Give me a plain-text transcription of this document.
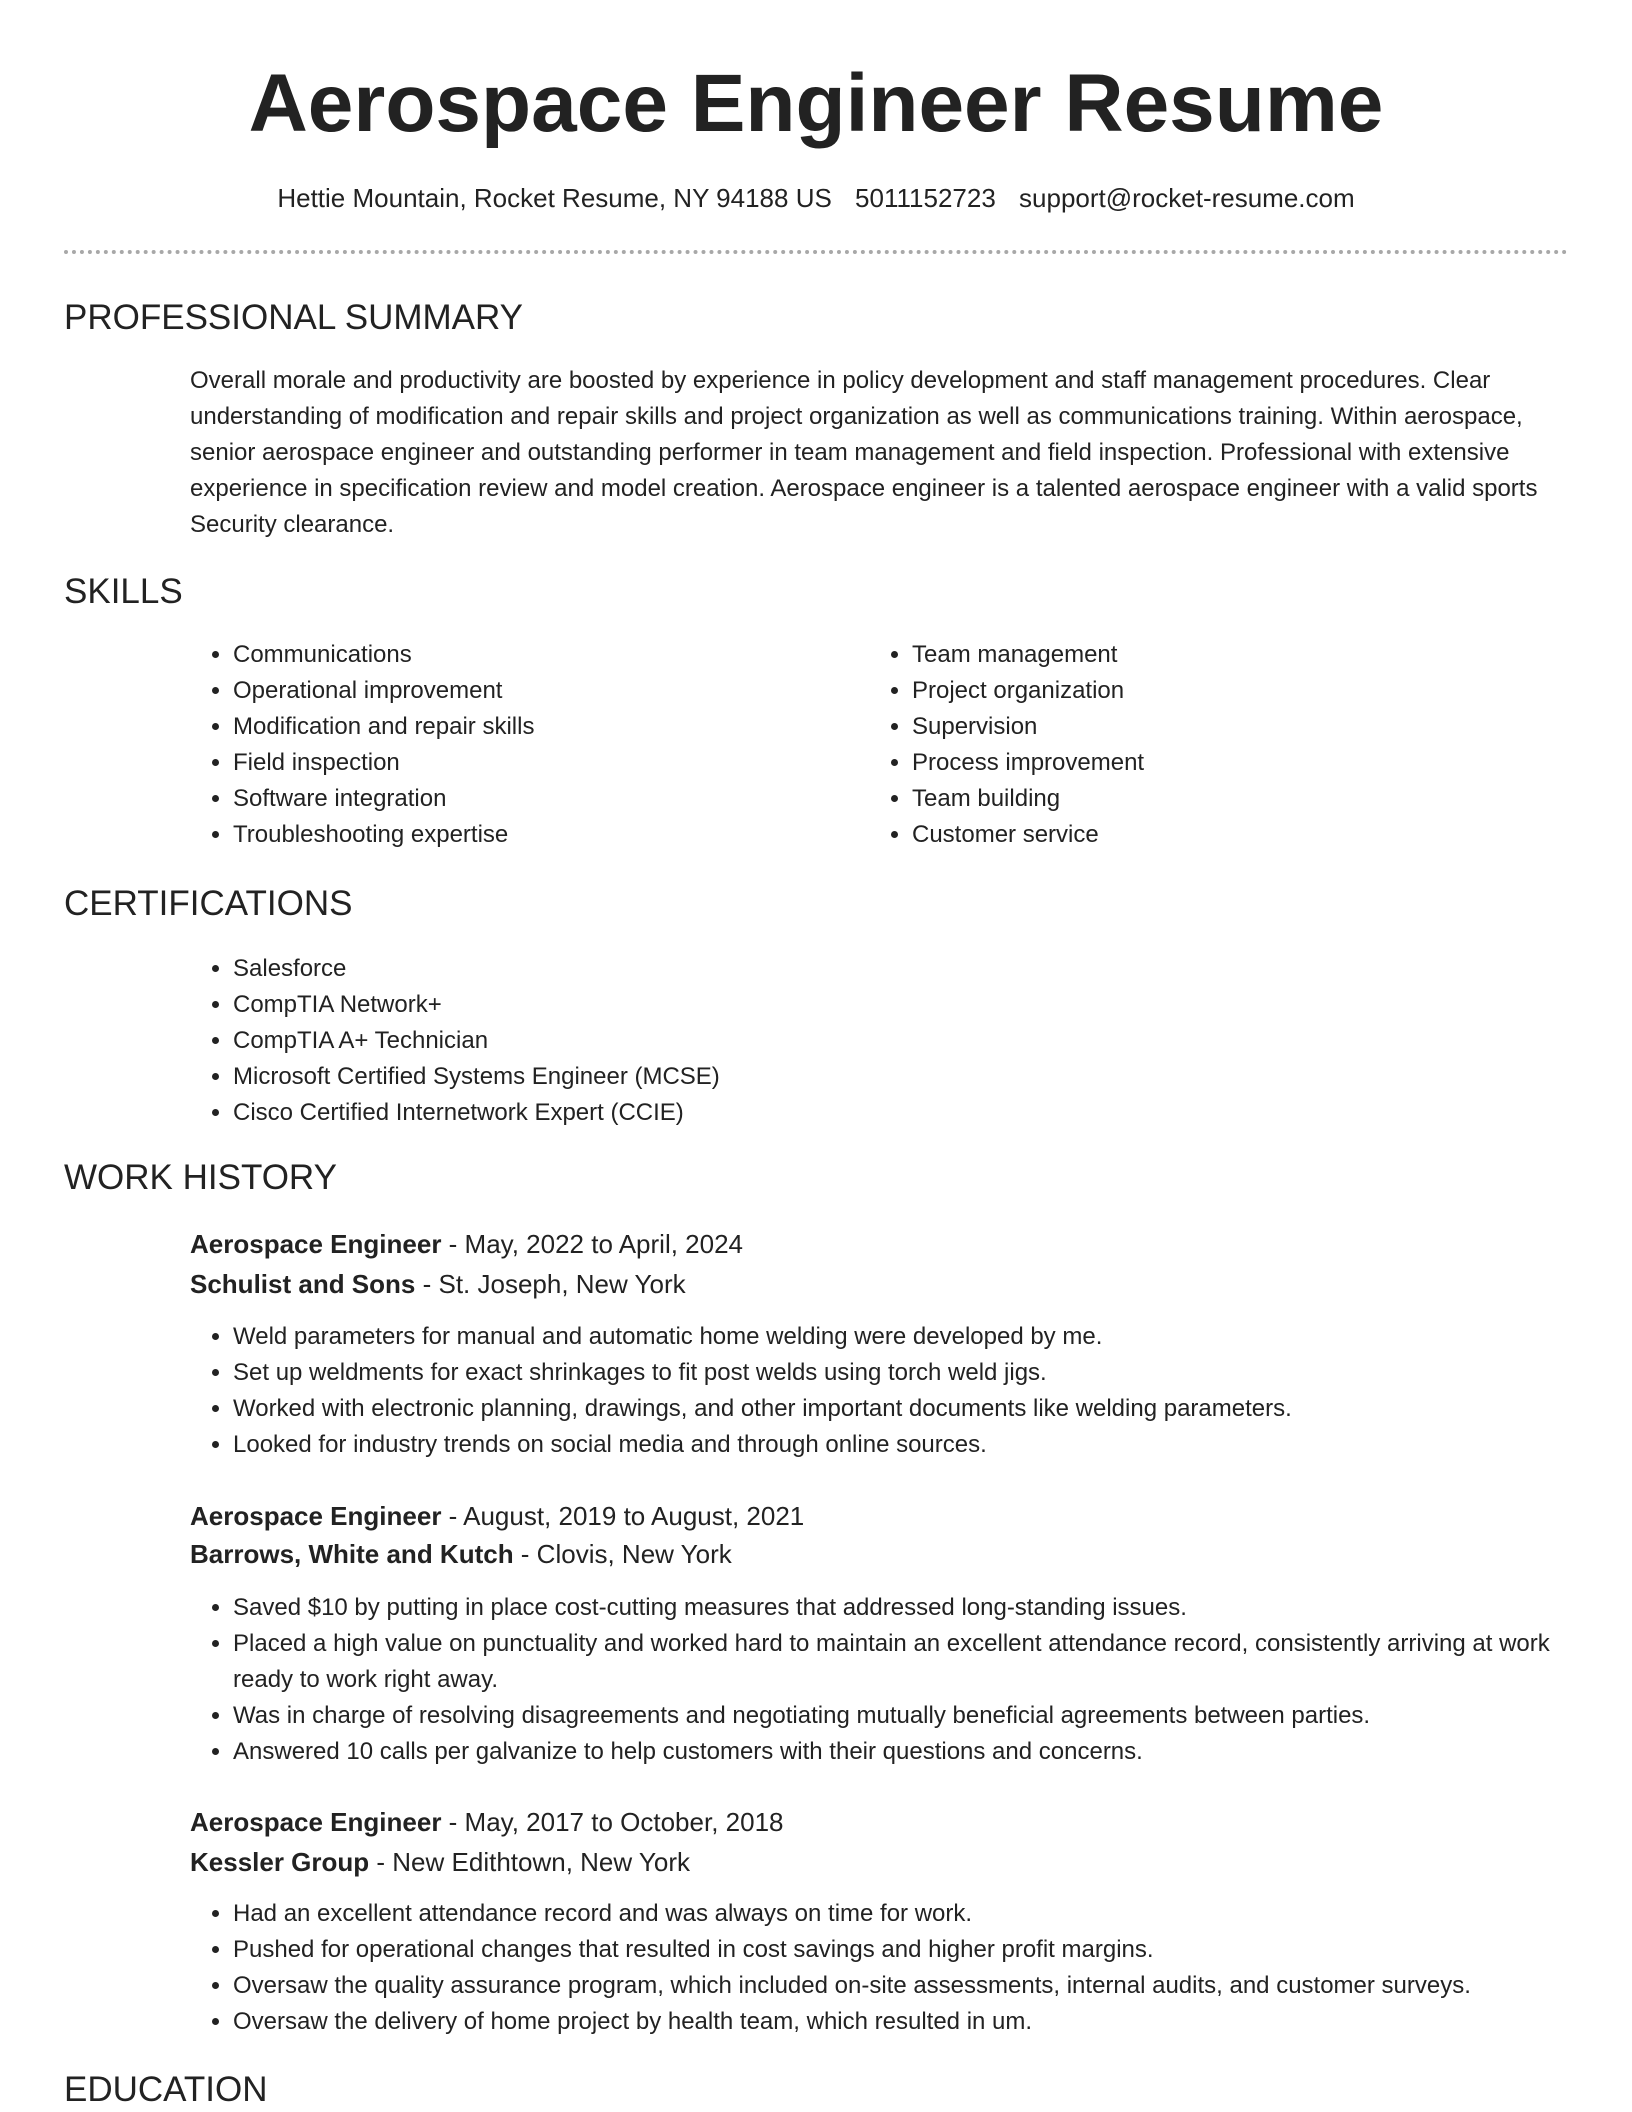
Aerospace Engineer Resume
Hettie Mountain, Rocket Resume, NY 94188 US 5011152723 support@rocket-resume.com
PROFESSIONAL SUMMARY

Overall morale and productivity are boosted by experience in policy development and staff management procedures. Clear understanding of modification and repair skills and project organization as well as communications training. Within aerospace, senior aerospace engineer and outstanding performer in team management and field inspection. Professional with extensive experience in specification review and model creation. Aerospace engineer is a talented aerospace engineer with a valid sports Security clearance.

SKILLS
• Communications
• Operational improvement
• Modification and repair skills
• Field inspection
• Software integration
• Troubleshooting expertise
• Team management
• Project organization
• Supervision
• Process improvement
• Team building
• Customer service
CERTIFICATIONS
• Salesforce
• CompTIA Network+
• CompTIA A+ Technician
• Microsoft Certified Systems Engineer (MCSE)
• Cisco Certified Internetwork Expert (CCIE)
WORK HISTORY
Aerospace Engineer - May, 2022 to April, 2024
Schulist and Sons - St. Joseph, New York
• Weld parameters for manual and automatic home welding were developed by me.
• Set up weldments for exact shrinkages to fit post welds using torch weld jigs.
• Worked with electronic planning, drawings, and other important documents like welding parameters.
• Looked for industry trends on social media and through online sources.
Aerospace Engineer - August, 2019 to August, 2021
Barrows, White and Kutch - Clovis, New York
• Saved $10 by putting in place cost-cutting measures that addressed long-standing issues.
• Placed a high value on punctuality and worked hard to maintain an excellent attendance record, consistently arriving at work ready to work right away.
• Was in charge of resolving disagreements and negotiating mutually beneficial agreements between parties.
• Answered 10 calls per galvanize to help customers with their questions and concerns.
Aerospace Engineer - May, 2017 to October, 2018
Kessler Group - New Edithtown, New York
• Had an excellent attendance record and was always on time for work.
• Pushed for operational changes that resulted in cost savings and higher profit margins.
• Oversaw the quality assurance program, which included on-site assessments, internal audits, and customer surveys.
• Oversaw the delivery of home project by health team, which resulted in um.
EDUCATION
